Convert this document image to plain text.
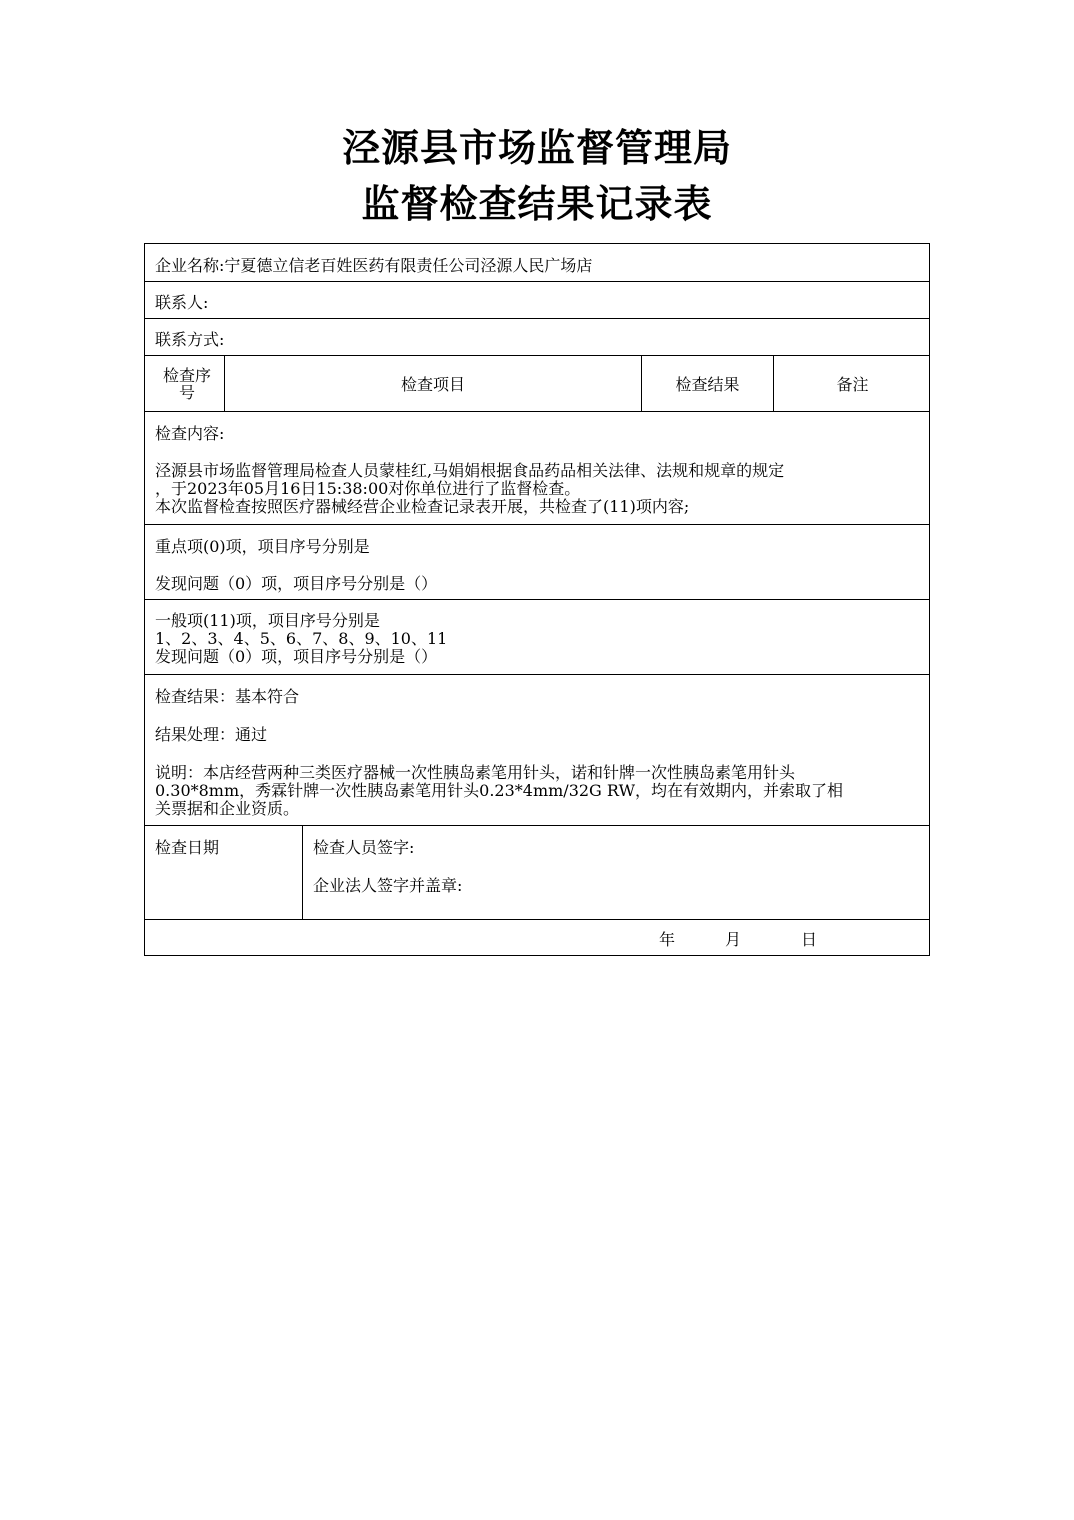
泾源县市场监督管理局
监督检查结果记录表
企业名称:宁夏德立信老百姓医药有限责任公司泾源人民广场店
联系人:
联系方式:
检查序号	检查项目	检查结果	备注
检查内容:
泾源县市场监督管理局检查人员蒙桂红,马娟娟根据食品药品相关法律、法规和规章的规定
，于2023年05月16日15:38:00对你单位进行了监督检查。
本次监督检查按照医疗器械经营企业检查记录表开展，共检查了(11)项内容;
重点项(0)项，项目序号分别是
发现问题（0）项，项目序号分别是（）
一般项(11)项，项目序号分别是
1、2、3、4、5、6、7、8、9、10、11
发现问题（0）项，项目序号分别是（）
检查结果：基本符合
结果处理：通过
说明：本店经营两种三类医疗器械一次性胰岛素笔用针头，诺和针牌一次性胰岛素笔用针头
0.30*8mm，秀霖针牌一次性胰岛素笔用针头0.23*4mm/32G RW，均在有效期内，并索取了相
关票据和企业资质。
检查日期	检查人员签字:
企业法人签字并盖章:
年	月	日
